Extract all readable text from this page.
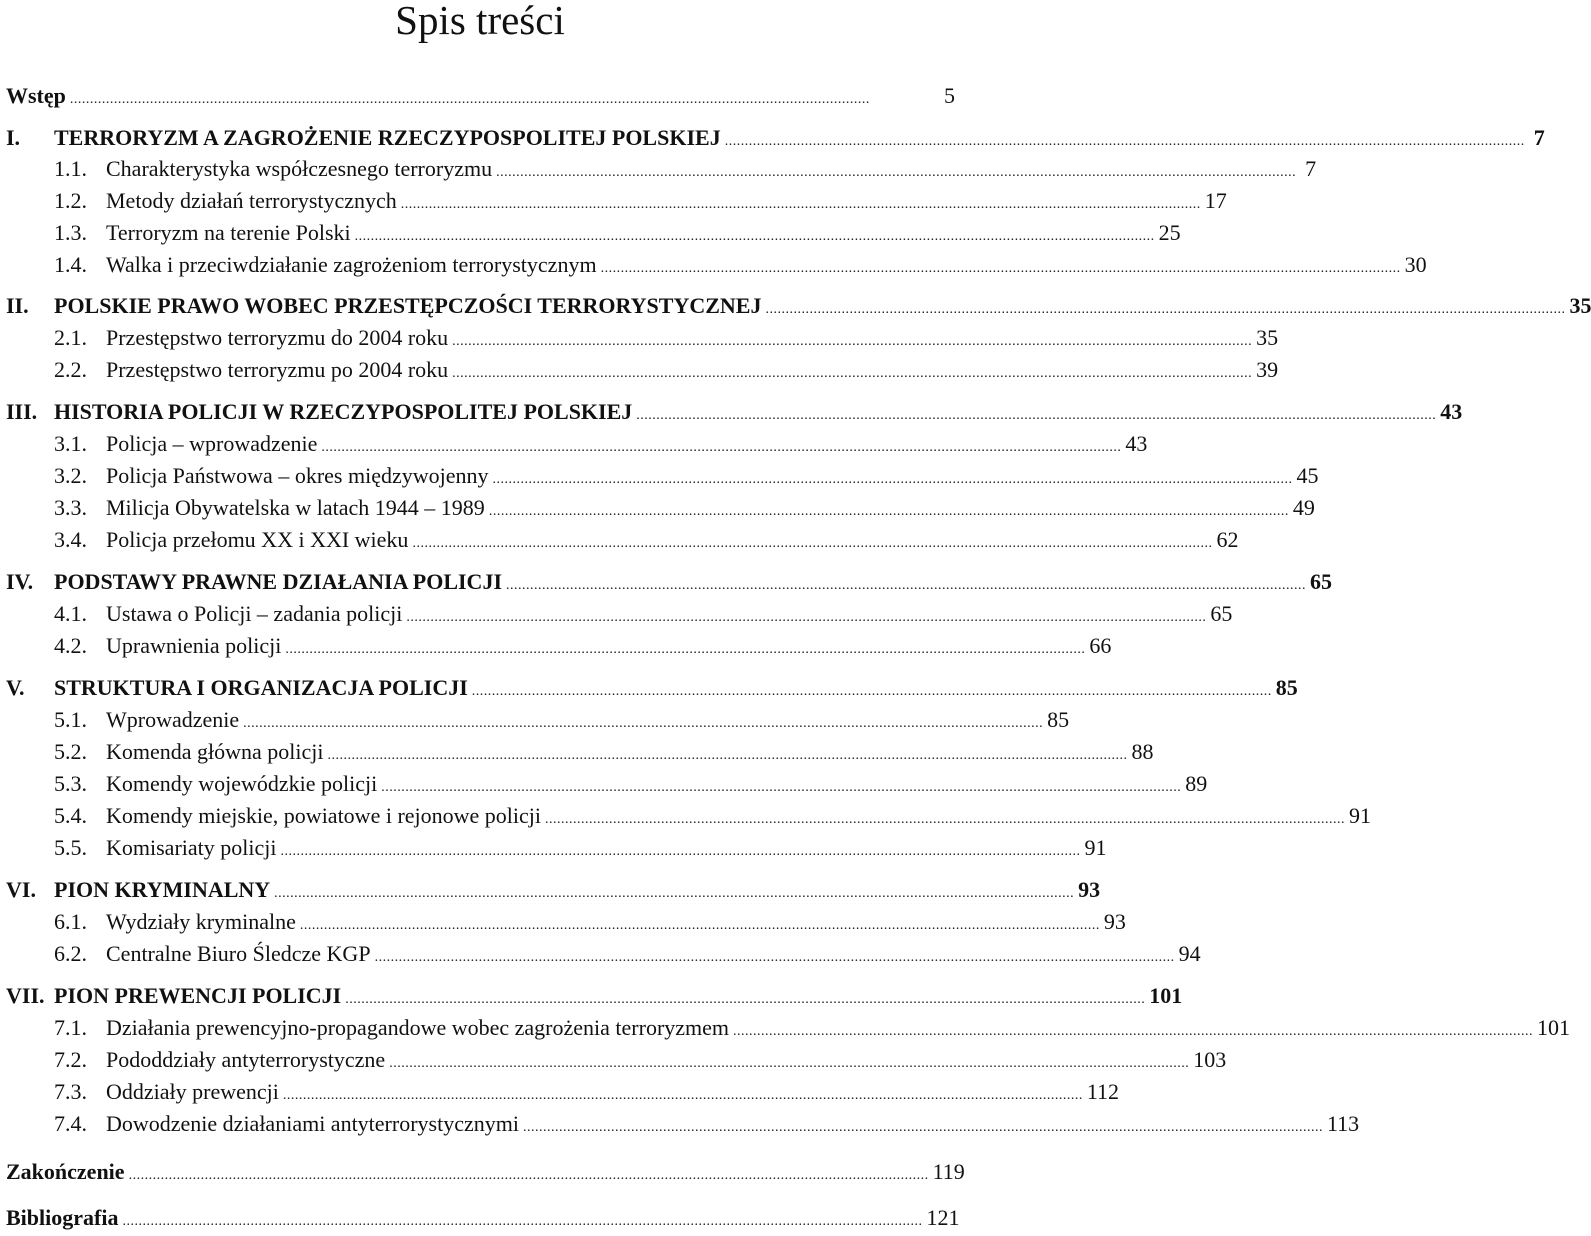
Spis treści
Wstęp ........................................................................................................................................................................................................	5
I. TERRORYZM A ZAGROŻENIE RZECZYPOSPOLITEJ POLSKIEJ ........................................................................................................................................................................................................ 7
1.1. Charakterystyka współczesnego terroryzmu ........................................................................................................................................................................................................ 7
1.2. Metody działań terrorystycznych ........................................................................................................................................................................................................ 17
1.3. Terroryzm na terenie Polski ........................................................................................................................................................................................................ 25
1.4. Walka i przeciwdziałanie zagrożeniom terrorystycznym ........................................................................................................................................................................................................ 30
II. POLSKIE PRAWO WOBEC PRZESTĘPCZOŚCI TERRORYSTYCZNEJ ........................................................................................................................................................................................................ 35
2.1. Przestępstwo terroryzmu do 2004 roku ........................................................................................................................................................................................................ 35
2.2. Przestępstwo terroryzmu po 2004 roku ........................................................................................................................................................................................................ 39
III. HISTORIA POLICJI W RZECZYPOSPOLITEJ POLSKIEJ ........................................................................................................................................................................................................ 43
3.1. Policja – wprowadzenie ........................................................................................................................................................................................................ 43
3.2. Policja Państwowa – okres międzywojenny ........................................................................................................................................................................................................ 45
3.3. Milicja Obywatelska w latach 1944 – 1989 ........................................................................................................................................................................................................ 49
3.4. Policja przełomu XX i XXI wieku ........................................................................................................................................................................................................ 62
IV. PODSTAWY PRAWNE DZIAŁANIA POLICJI ........................................................................................................................................................................................................ 65
4.1. Ustawa o Policji – zadania policji ........................................................................................................................................................................................................ 65
4.2. Uprawnienia policji ........................................................................................................................................................................................................ 66
V. STRUKTURA I ORGANIZACJA POLICJI ........................................................................................................................................................................................................ 85
5.1. Wprowadzenie ........................................................................................................................................................................................................ 85
5.2. Komenda główna policji ........................................................................................................................................................................................................ 88
5.3. Komendy wojewódzkie policji ........................................................................................................................................................................................................ 89
5.4. Komendy miejskie, powiatowe i rejonowe policji ........................................................................................................................................................................................................ 91
5.5. Komisariaty policji ........................................................................................................................................................................................................ 91
VI. PION KRYMINALNY ........................................................................................................................................................................................................ 93
6.1. Wydziały kryminalne ........................................................................................................................................................................................................ 93
6.2. Centralne Biuro Śledcze KGP ........................................................................................................................................................................................................ 94
VII. PION PREWENCJI POLICJI ........................................................................................................................................................................................................ 101
7.1. Działania prewencyjno-propagandowe wobec zagrożenia terroryzmem ........................................................................................................................................................................................................ 101
7.2. Pododdziały antyterrorystyczne ........................................................................................................................................................................................................ 103
7.3. Oddziały prewencji ........................................................................................................................................................................................................ 112
7.4. Dowodzenie działaniami antyterrorystycznymi ........................................................................................................................................................................................................ 113
Zakończenie ........................................................................................................................................................................................................ 119
Bibliografia ........................................................................................................................................................................................................ 121
